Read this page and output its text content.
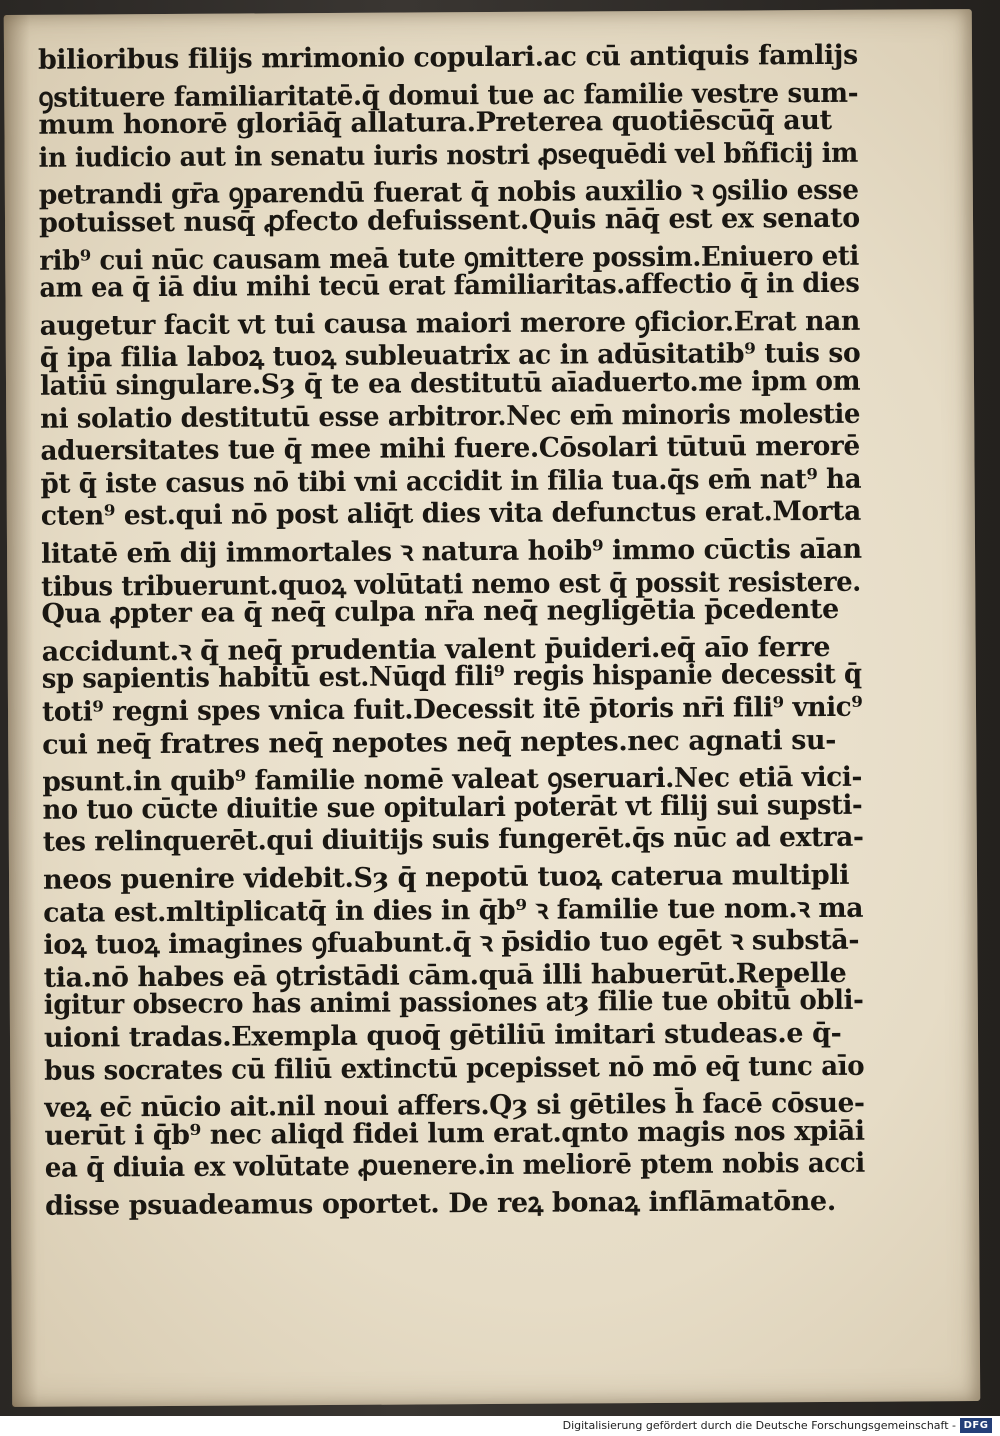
bilioribus filijs mrimonio copulari.ac cū antiquis famlijs
ꝯstituere familiaritatē.q̄ domui tue ac familie vestre sum-
mum honorē gloriāq̄ allatura.Preterea quotiēscūq̄ aut
in iudicio aut in senatu iuris nostri ꝓsequēdi vel bñficij im
petrandi gr̄a ꝯparendū fuerat q̄ nobis auxilio ꝛ ꝯsilio esse
potuisset nusq̄ ꝓfecto defuissent.Quis nāq̄ est ex senato
rib⁹ cui nūc causam meā tute ꝯmittere possim.Eniuero eti
am ea q̄ iā diu mihi tecū erat familiaritas.affectio q̄ in dies
augetur facit vt tui causa maiori merore ꝯficior.Erat nan
q̄ ipa filia laboꝝ tuoꝝ subleuatrix ac in adūsitatib⁹ tuis so
latiū singulare.Sȝ q̄ te ea destitutū aīaduerto.me ipm om
ni solatio destitutū esse arbitror.Nec em̄ minoris molestie
aduersitates tue q̄ mee mihi fuere.Cōsolari tūtuū merorē
p̄t q̄ iste casus nō tibi vni accidit in filia tua.q̄s em̄ nat⁹ ha
cten⁹ est.qui nō post aliq̄t dies vita defunctus erat.Morta
litatē em̄ dij immortales ꝛ natura hoib⁹ immo cūctis aīan
tibus tribuerunt.quoꝝ volūtati nemo est q̄ possit resistere.
Qua ꝓpter ea q̄ neq̄ culpa nr̄a neq̄ negligētia p̄cedente
accidunt.ꝛ q̄ neq̄ prudentia valent p̄uideri.eq̄ aīo ferre
sp sapientis habitū est.Nūqd fili⁹ regis hispanie decessit q̄
toti⁹ regni spes vnica fuit.Decessit itē p̄toris nr̄i fili⁹ vnic⁹
cui neq̄ fratres neq̄ nepotes neq̄ neptes.nec agnati su-
psunt.in quib⁹ familie nomē valeat ꝯseruari.Nec etiā vici-
no tuo cūcte diuitie sue opitulari poterāt vt filij sui supsti-
tes relinquerēt.qui diuitijs suis fungerēt.q̄s nūc ad extra-
neos puenire videbit.Sȝ q̄ nepotū tuoꝝ caterua multipli
cata est.mltiplicatq̄ in dies in q̄b⁹ ꝛ familie tue nom.ꝛ ma
ioꝝ tuoꝝ imagines ꝯfuabunt.q̄ ꝛ p̄sidio tuo egēt ꝛ substā-
tia.nō habes eā ꝯtristādi cām.quā illi habuerūt.Repelle
igitur obsecro has animi passiones atȝ filie tue obitū obli-
uioni tradas.Exempla quoq̄ gētiliū imitari studeas.e q̄-
bus socrates cū filiū extinctū pcepisset nō mō eq̄ tunc aīo
veꝝ ec̄ nūcio ait.nil noui affers.Qȝ si gētiles h̄ facē cōsue-
uerūt i q̄b⁹ nec aliqd fidei lum erat.qnto magis nos xpiāi
ea q̄ diuia ex volūtate ꝓuenere.in meliorē ptem nobis acci
disse psuadeamus oportet. De reꝝ bonaꝝ inflāmatōne.
Digitalisierung gefördert durch die Deutsche Forschungsgemeinschaft - DFG
